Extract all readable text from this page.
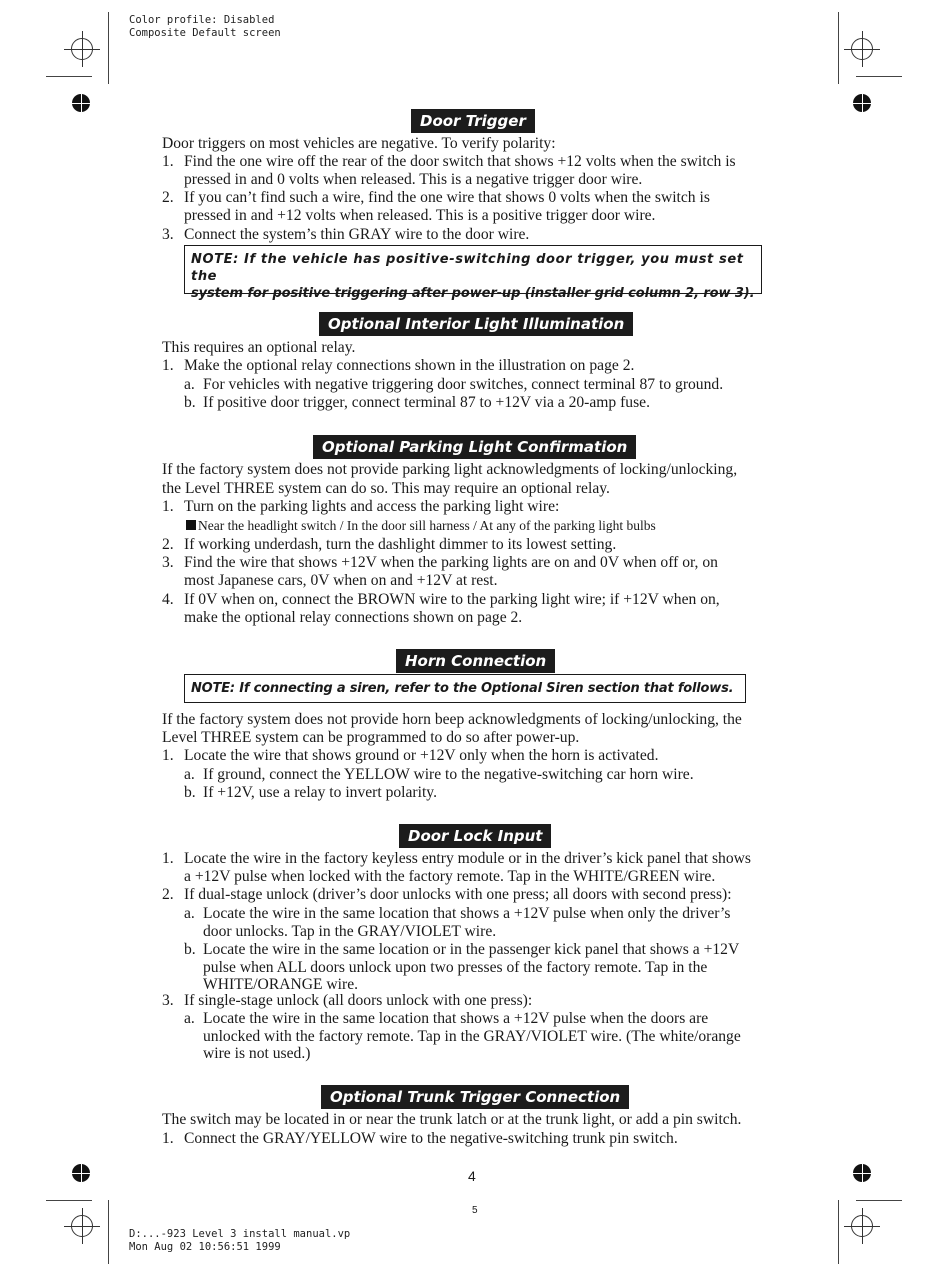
Color profile: Disabled
Composite Default screen
Door Trigger
Door triggers on most vehicles are negative. To verify polarity:
1. Find the one wire off the rear of the door switch that shows +12 volts when the switch is
pressed in and 0 volts when released. This is a negative trigger door wire.
2. If you can’t find such a wire, find the one wire that shows 0 volts when the switch is
pressed in and +12 volts when released. This is a positive trigger door wire.
3. Connect the system’s thin GRAY wire to the door wire.
NOTE: If the vehicle has positive-switching door trigger, you must set the
system for positive triggering after power-up (installer grid column 2, row 3).
Optional Interior Light Illumination
This requires an optional relay.
1. Make the optional relay connections shown in the illustration on page 2.
a. For vehicles with negative triggering door switches, connect terminal 87 to ground.
b. If positive door trigger, connect terminal 87 to +12V via a 20-amp fuse.
Optional Parking Light Confirmation
If the factory system does not provide parking light acknowledgments of locking/unlocking,
the Level THREE system can do so. This may require an optional relay.
1. Turn on the parking lights and access the parking light wire:
Near the headlight switch / In the door sill harness / At any of the parking light bulbs
2. If working underdash, turn the dashlight dimmer to its lowest setting.
3. Find the wire that shows +12V when the parking lights are on and 0V when off or, on
most Japanese cars, 0V when on and +12V at rest.
4. If 0V when on, connect the BROWN wire to the parking light wire; if +12V when on,
make the optional relay connections shown on page 2.
Horn Connection
NOTE: If connecting a siren, refer to the Optional Siren section that follows.
If the factory system does not provide horn beep acknowledgments of locking/unlocking, the
Level THREE system can be programmed to do so after power-up.
1. Locate the wire that shows ground or +12V only when the horn is activated.
a. If ground, connect the YELLOW wire to the negative-switching car horn wire.
b. If +12V, use a relay to invert polarity.
Door Lock Input
1. Locate the wire in the factory keyless entry module or in the driver’s kick panel that shows
a +12V pulse when locked with the factory remote. Tap in the WHITE/GREEN wire.
2. If dual-stage unlock (driver’s door unlocks with one press; all doors with second press):
a. Locate the wire in the same location that shows a +12V pulse when only the driver’s
door unlocks. Tap in the GRAY/VIOLET wire.
b. Locate the wire in the same location or in the passenger kick panel that shows a +12V
pulse when ALL doors unlock upon two presses of the factory remote. Tap in the
WHITE/ORANGE wire.
3. If single-stage unlock (all doors unlock with one press):
a. Locate the wire in the same location that shows a +12V pulse when the doors are
unlocked with the factory remote. Tap in the GRAY/VIOLET wire. (The white/orange
wire is not used.)
Optional Trunk Trigger Connection
The switch may be located in or near the trunk latch or at the trunk light, or add a pin switch.
1. Connect the GRAY/YELLOW wire to the negative-switching trunk pin switch.
4
5
D:...-923 Level 3 install manual.vp
Mon Aug 02 10:56:51 1999
